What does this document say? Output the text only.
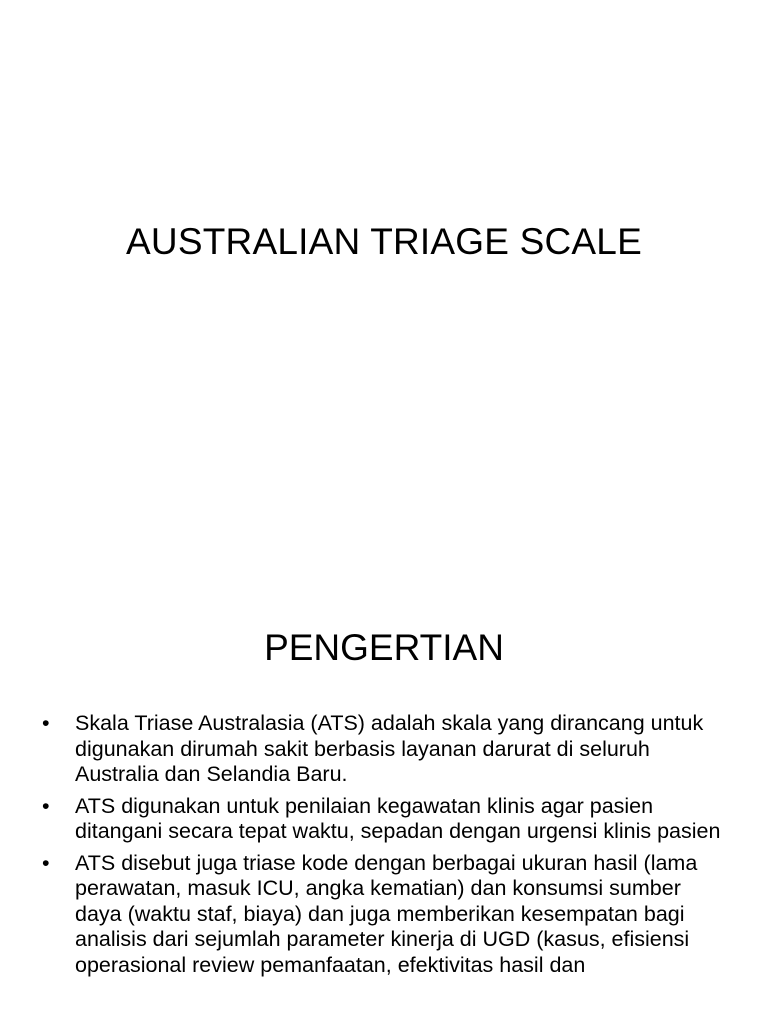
AUSTRALIAN TRIAGE SCALE
PENGERTIAN
• Skala Triase Australasia (ATS) adalah skala yang dirancang untuk digunakan dirumah sakit berbasis layanan darurat di seluruh Australia dan Selandia Baru.
• ATS digunakan untuk penilaian kegawatan klinis agar pasien ditangani secara tepat waktu, sepadan dengan urgensi klinis pasien
• ATS disebut juga triase kode dengan berbagai ukuran hasil (lama perawatan, masuk ICU, angka kematian) dan konsumsi sumber daya (waktu staf, biaya) dan juga memberikan kesempatan bagi analisis dari sejumlah parameter kinerja di UGD (kasus, efisiensi operasional review pemanfaatan, efektivitas hasil dan
